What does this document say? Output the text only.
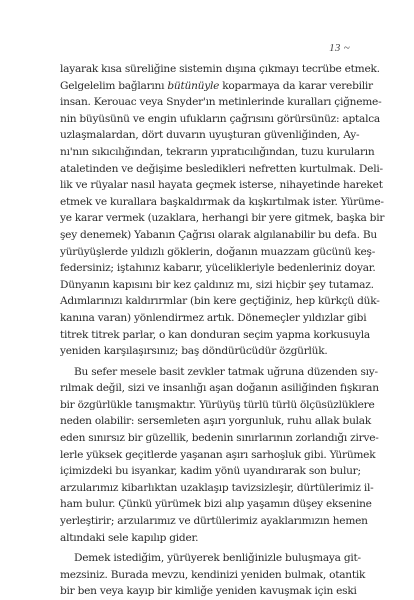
13 ~
layarak kısa süreliğine sistemin dışına çıkmayı tecrübe etmek.
Gelgelelim bağlarını bütünüyle koparmaya da karar verebilir
insan. Kerouac veya Snyder'ın metinlerinde kuralları çiğneme-
nin büyüsünü ve engin ufukların çağrısını görürsünüz: aptalca
uzlaşmalardan, dört duvarın uyuşturan güvenliğinden, Ay-
nı'nın sıkıcılığından, tekrarın yıpratıcılığından, tuzu kuruların
ataletinden ve değişime besledikleri nefretten kurtulmak. Deli-
lik ve rüyalar nasıl hayata geçmek isterse, nihayetinde hareket
etmek ve kurallara başkaldırmak da kışkırtılmak ister. Yürüme-
ye karar vermek (uzaklara, herhangi bir yere gitmek, başka bir
şey denemek) Yabanın Çağrısı olarak algılanabilir bu defa. Bu
yürüyüşlerde yıldızlı göklerin, doğanın muazzam gücünü keş-
federsiniz; iştahınız kabarır, yücelikleriyle bedenleriniz doyar.
Dünyanın kapısını bir kez çaldınız mı, sizi hiçbir şey tutamaz.
Adımlarınızı kaldırırmlar (bin kere geçtiğiniz, hep kürkçü dük-
kanına varan) yönlendirmez artık. Dönemeçler yıldızlar gibi
titrek titrek parlar, o kan donduran seçim yapma korkusuyla
yeniden karşılaşırsınız; baş döndürücüdür özgürlük.
Bu sefer mesele basit zevkler tatmak uğruna düzenden sıy-
rılmak değil, sizi ve insanlığı aşan doğanın asiliğinden fışkıran
bir özgürlükle tanışmaktır. Yürüyüş türlü türlü ölçüsüzlüklere
neden olabilir: sersemleten aşırı yorgunluk, ruhu allak bulak
eden sınırsız bir güzellik, bedenin sınırlarının zorlandığı zirve-
lerle yüksek geçitlerde yaşanan aşırı sarhoşluk gibi. Yürümek
içimizdeki bu isyankar, kadim yönü uyandırarak son bulur;
arzularımız kibarlıktan uzaklaşıp tavizsizleşir, dürtülerimiz il-
ham bulur. Çünkü yürümek bizi alıp yaşamın düşey eksenine
yerleştirir; arzularımız ve dürtülerimiz ayaklarımızın hemen
altındaki sele kapılıp gider.
Demek istediğim, yürüyerek benliğinizle buluşmaya git-
mezsiniz. Burada mevzu, kendinizi yeniden bulmak, otantik
bir ben veya kayıp bir kimliğe yeniden kavuşmak için eski
